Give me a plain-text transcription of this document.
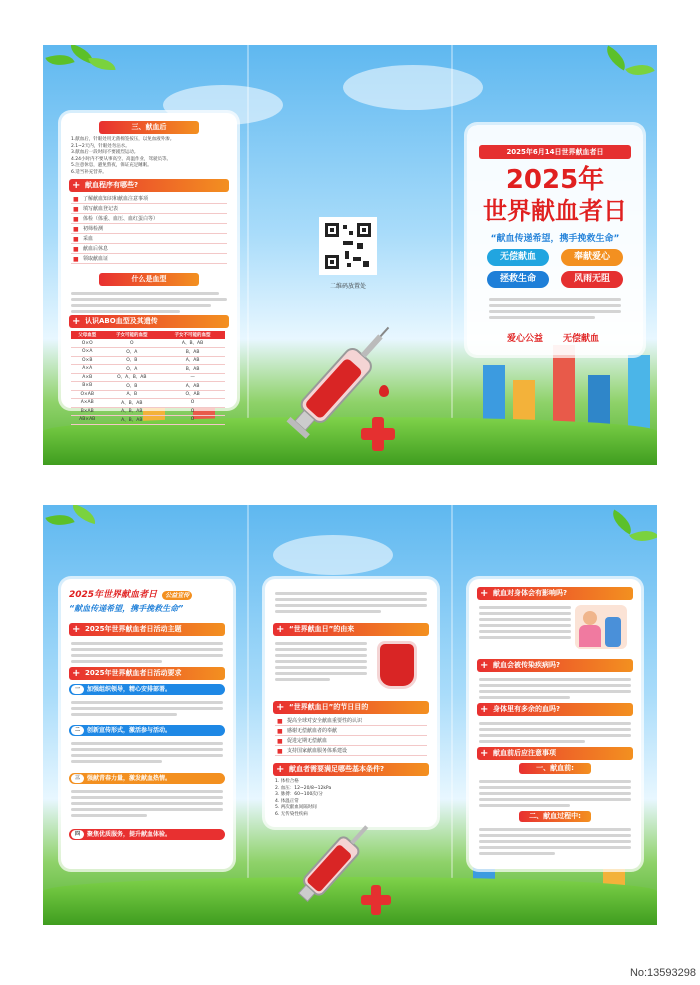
三、献血后
1.献血后，针眼处用无菌棉签按压，以免血液外渗。
2.1~2天内，针眼处勿沾水。
3.献血后一段时间不要剧烈运动。
4.24小时内不要从事高空、高温作业，驾驶员等。
5.注意休息，避免熬夜，保证充足睡眠。
6.适当补充营养。
+ 献血程序有哪些?
■ 了解献血知识和献血注意事项
■ 填写献血登记表
■ 体检（体重、血压、血红蛋白等）
■ 初筛检测
■ 采血
■ 献血后休息
■ 领取献血证
什么是血型
+ 认识ABO血型及其遗传
父母血型	子女可能的血型	子女不可能的血型
O×O	O	A、B、AB
O×A	O、A	B、AB
O×B	O、B	A、AB
A×A	O、A	B、AB
A×B	O、A、B、AB	—
B×B	O、B	A、AB
O×AB	A、B	O、AB
A×AB	A、B、AB	O
B×AB	A、B、AB	O
AB×AB	A、B、AB	O
二维码放置处
2025年6月14日世界献血者日
2025年
世界献血者日
“献血传递希望，携手挽救生命”
无偿献血	奉献爱心
拯救生命	风雨无阻
爱心公益 无偿献血
2025年世界献血者日 公益宣传
“献血传递希望，携手挽救生命”
+ 2025年世界献血者日活动主题
+ 2025年世界献血者日活动要求
一	加强组织领导，精心安排部署。
二	创新宣传形式，激活参与活动。
三	强献青春力量，激发献血热情。
四	聚焦优质服务，提升献血体验。
+ “世界献血日”的由来
+ “世界献血日”的节日目的
■ 提高全球对安全献血重要性的认识
■ 感谢无偿献血者的奉献
■ 促进定期无偿献血
■ 支持国家献血服务体系建设
+ 献血者需要满足哪些基本条件?
1. 体检合格
2. 血压：12~20/8~12kPa
3. 脉搏：60~100次/分
4. 体温正常
5. 两次献血间隔时间
6. 无传染性疾病
+ 献血对身体会有影响吗?
+ 献血会被传染疾病吗?
+ 身体里有多余的血吗?
+ 献血前后应注意事项
一、献血前:
二、献血过程中:
No:13593298
